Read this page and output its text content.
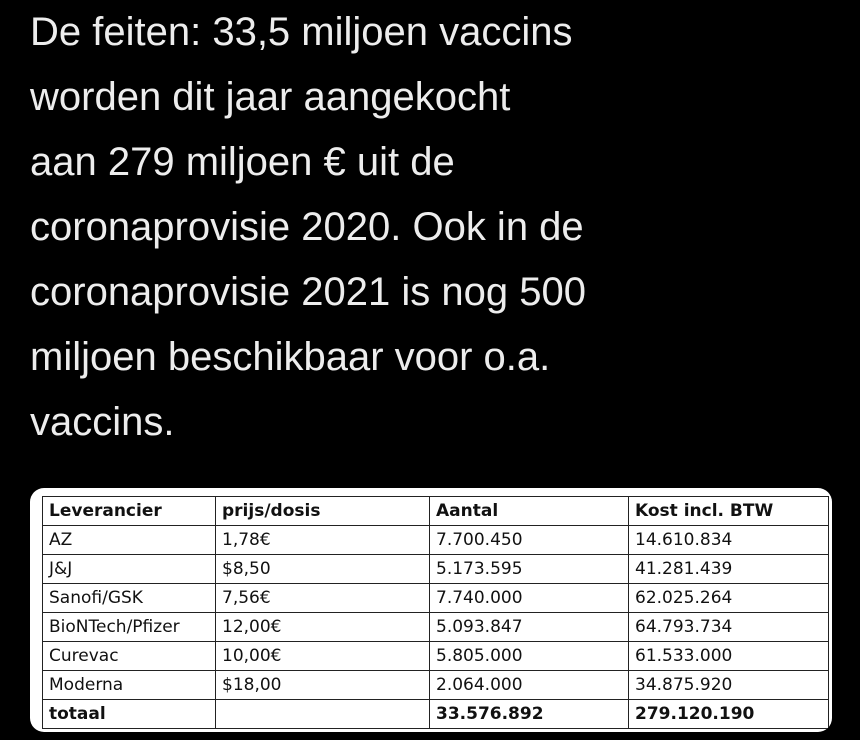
De feiten: 33,5 miljoen vaccins
worden dit jaar aangekocht
aan 279 miljoen € uit de
coronaprovisie 2020. Ook in de
coronaprovisie 2021 is nog 500
miljoen beschikbaar voor o.a.
vaccins.
Leverancier	prijs/dosis	Aantal	Kost incl. BTW
AZ	1,78€	7.700.450	14.610.834
J&J	$8,50	5.173.595	41.281.439
Sanofi/GSK	7,56€	7.740.000	62.025.264
BioNTech/Pfizer	12,00€	5.093.847	64.793.734
Curevac	10,00€	5.805.000	61.533.000
Moderna	$18,00	2.064.000	34.875.920
totaal		33.576.892	279.120.190
